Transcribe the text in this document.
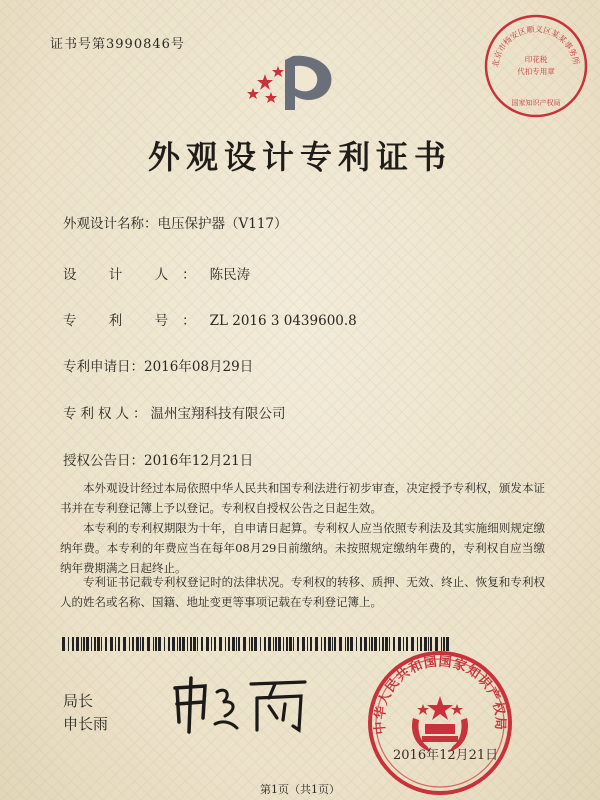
证书号第3990846号
北京市杨安区顺义区某某事务所
印花税
代扣专用章
国家知识产权局
外观设计专利证书
外观设计名称：电压保护器（V117）
设 计 人：陈民涛
专 利 号：ZL 2016 3 0439600.8
专利申请日：2016年08月29日
专利权人：温州宝翔科技有限公司
授权公告日：2016年12月21日
本外观设计经过本局依照中华人民共和国专利法进行初步审查，决定授予专利权，颁发本证书并在专利登记簿上予以登记。专利权自授权公告之日起生效。
本专利的专利权期限为十年，自申请日起算。专利权人应当依照专利法及其实施细则规定缴纳年费。本专利的年费应当在每年08月29日前缴纳。未按照规定缴纳年费的，专利权自应当缴纳年费期满之日起终止。
专利证书记载专利权登记时的法律状况。专利权的转移、质押、无效、终止、恢复和专利权人的姓名或名称、国籍、地址变更等事项记载在专利登记簿上。
局长
申长雨	中华人民共和国国家知识产权局
2016年12月21日
第1页（共1页）
